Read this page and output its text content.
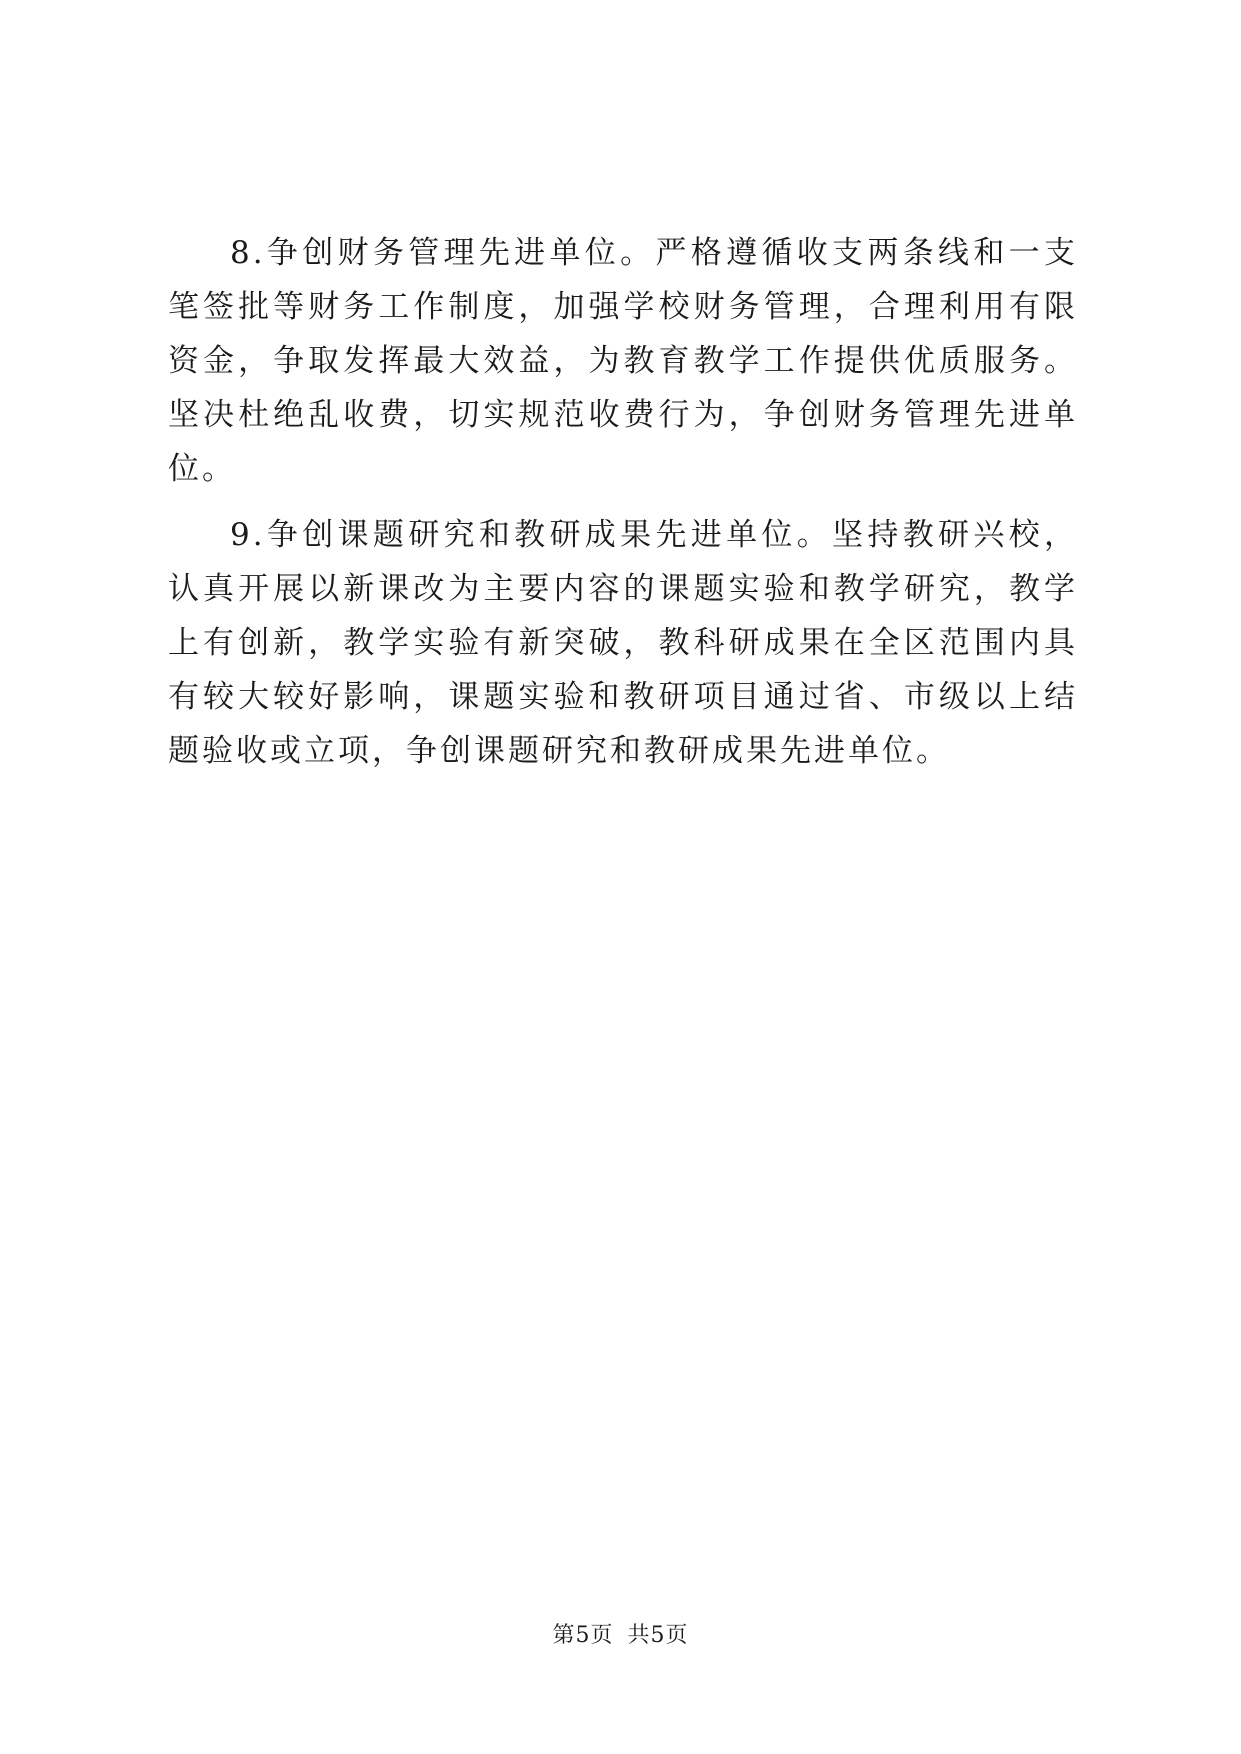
8.争创财务管理先进单位。严格遵循收支两条线和一支笔签批等财务工作制度，加强学校财务管理，合理利用有限资金，争取发挥最大效益，为教育教学工作提供优质服务。坚决杜绝乱收费，切实规范收费行为，争创财务管理先进单位。

9.争创课题研究和教研成果先进单位。坚持教研兴校，认真开展以新课改为主要内容的课题实验和教学研究，教学上有创新，教学实验有新突破，教科研成果在全区范围内具有较大较好影响，课题实验和教研项目通过省、市级以上结题验收或立项，争创课题研究和教研成果先进单位。

第5页 共5页
